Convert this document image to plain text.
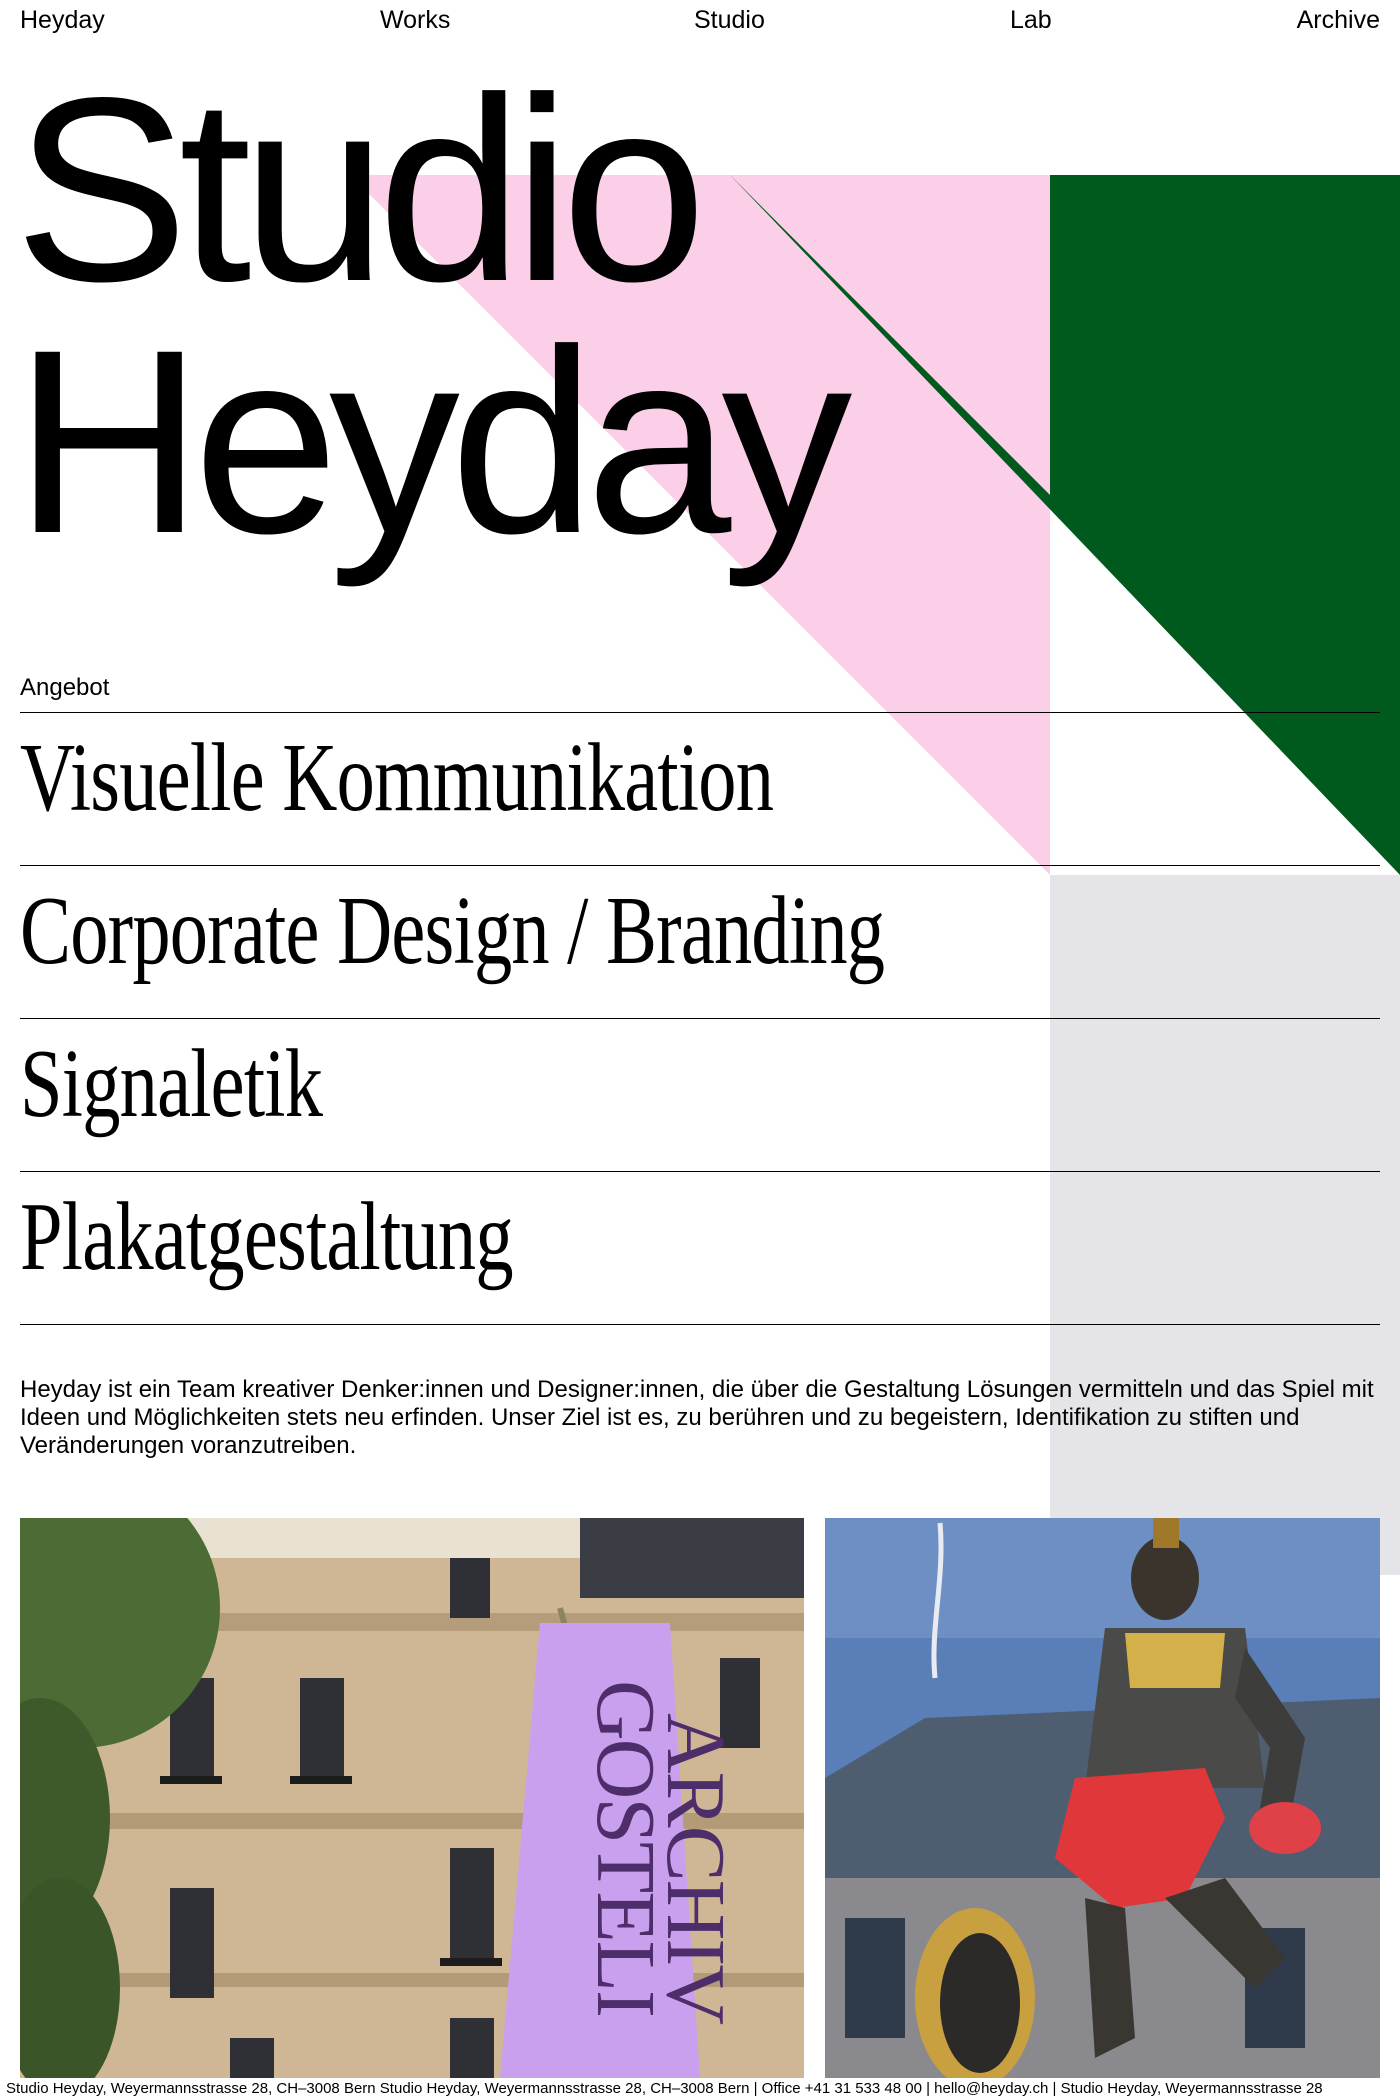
Heyday	Works	Studio	Lab	Archive
Studio
Heyday
Angebot
Visuelle Kommunikation
Corporate Design / Branding
Signaletik
Plakatgestaltung

Heyday ist ein Team kreativer Denker:innen und Designer:innen, die über die Gestaltung Lösungen vermitteln und das Spiel mit Ideen und Möglichkeiten stets neu erfinden. Unser Ziel ist es, zu berühren und zu begeistern, Identifikation zu stiften und Veränderungen voranzutreiben.

GOSTELI
ARCHIV
Studio Heyday, Weyermannsstrasse 28, CH–3008 Bern Studio Heyday, Weyermannsstrasse 28, CH–3008 Bern | Office +41 31 533 48 00 | hello@heyday.ch | Studio Heyday, Weyermannsstrasse 28
